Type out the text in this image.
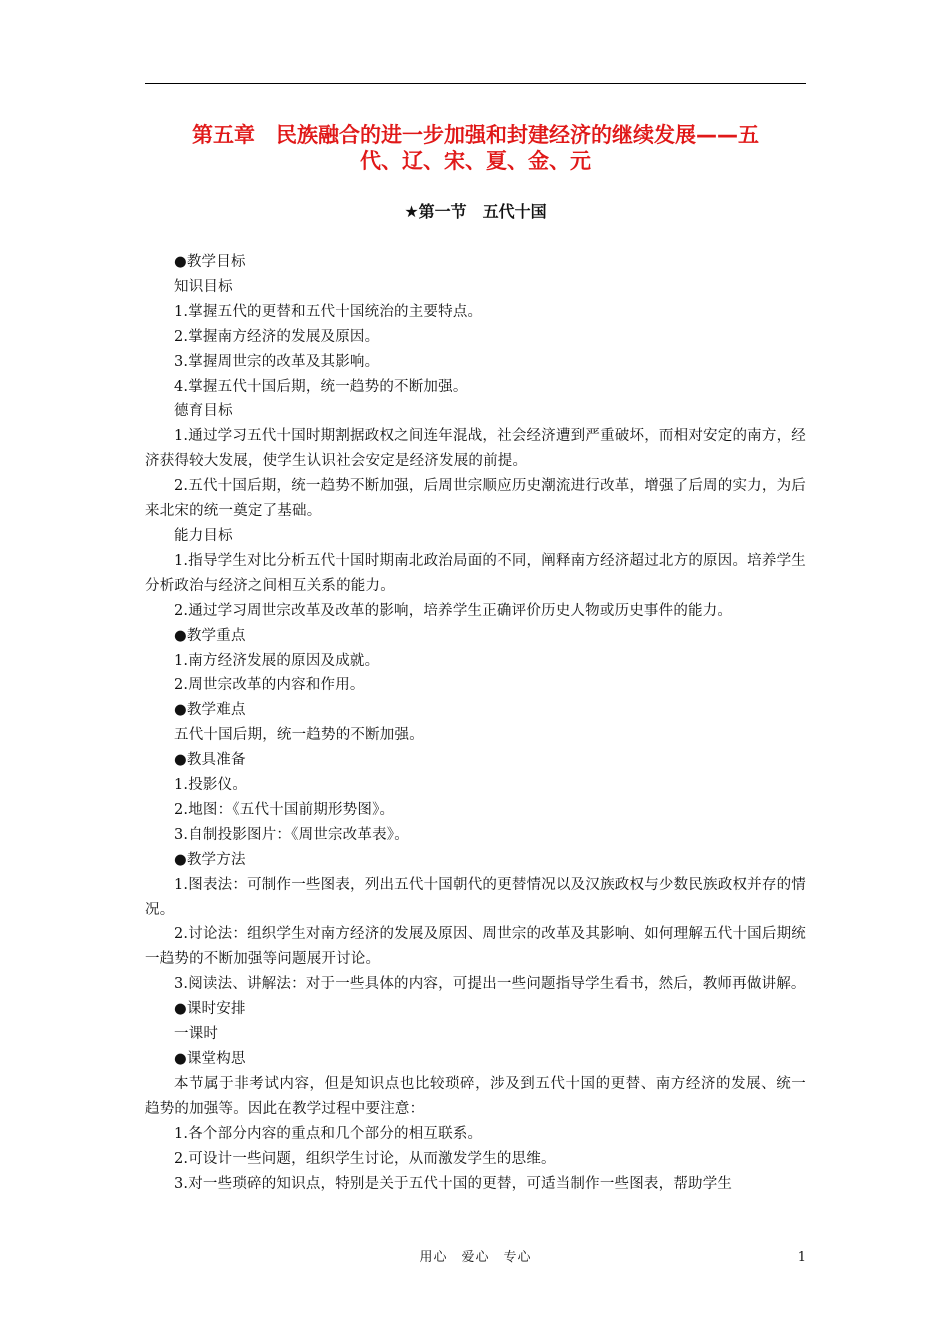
第五章　民族融合的进一步加强和封建经济的继续发展——五
代、辽、宋、夏、金、元
★第一节　五代十国

●教学目标

知识目标

1.掌握五代的更替和五代十国统治的主要特点。

2.掌握南方经济的发展及原因。

3.掌握周世宗的改革及其影响。

4.掌握五代十国后期，统一趋势的不断加强。

德育目标

1.通过学习五代十国时期割据政权之间连年混战，社会经济遭到严重破坏，而相对安定的南方，经济获得较大发展，使学生认识社会安定是经济发展的前提。

2.五代十国后期，统一趋势不断加强，后周世宗顺应历史潮流进行改革，增强了后周的实力，为后来北宋的统一奠定了基础。

能力目标

1.指导学生对比分析五代十国时期南北政治局面的不同，阐释南方经济超过北方的原因。培养学生分析政治与经济之间相互关系的能力。

2.通过学习周世宗改革及改革的影响，培养学生正确评价历史人物或历史事件的能力。

●教学重点

1.南方经济发展的原因及成就。

2.周世宗改革的内容和作用。

●教学难点

五代十国后期，统一趋势的不断加强。

●教具准备

1.投影仪。

2.地图：《五代十国前期形势图》。

3.自制投影图片：《周世宗改革表》。

●教学方法

1.图表法：可制作一些图表，列出五代十国朝代的更替情况以及汉族政权与少数民族政权并存的情况。

2.讨论法：组织学生对南方经济的发展及原因、周世宗的改革及其影响、如何理解五代十国后期统一趋势的不断加强等问题展开讨论。

3.阅读法、讲解法：对于一些具体的内容，可提出一些问题指导学生看书，然后，教师再做讲解。

●课时安排

一课时

●课堂构思

本节属于非考试内容，但是知识点也比较琐碎，涉及到五代十国的更替、南方经济的发展、统一趋势的加强等。因此在教学过程中要注意：

1.各个部分内容的重点和几个部分的相互联系。

2.可设计一些问题，组织学生讨论，从而激发学生的思维。

3.对一些琐碎的知识点，特别是关于五代十国的更替，可适当制作一些图表，帮助学生

用心　爱心　专心	1
